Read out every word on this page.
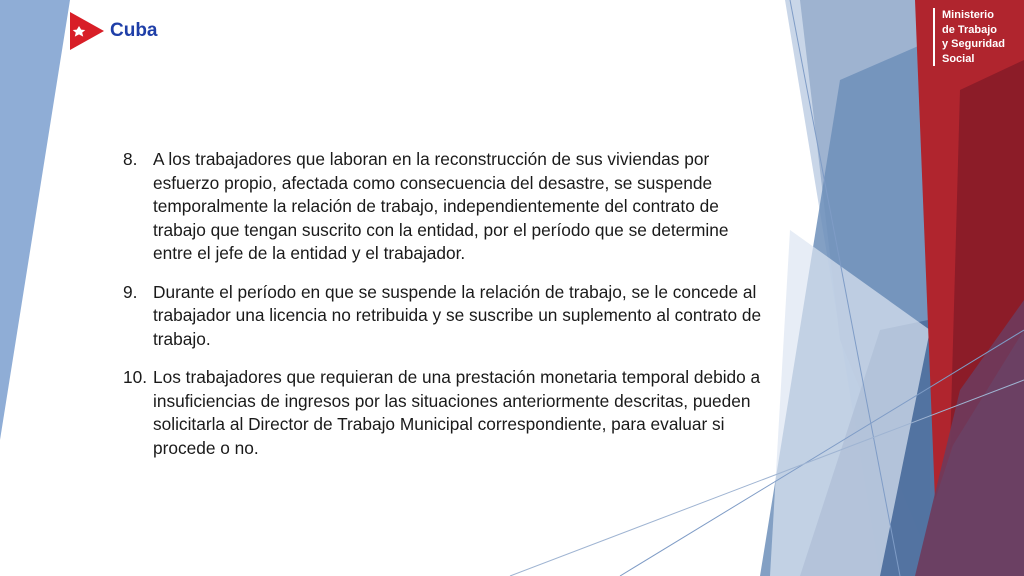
Cuba
Ministerio
de Trabajo
y Seguridad
Social
8. A los trabajadores que laboran en la reconstrucción de sus viviendas por esfuerzo propio, afectada como consecuencia del desastre, se suspende temporalmente la relación de trabajo, independientemente del contrato de trabajo que tengan suscrito con la entidad, por el período que se determine entre el jefe de la entidad y el trabajador.
9. Durante el período en que se suspende la relación de trabajo, se le concede al trabajador una licencia no retribuida y se suscribe un suplemento al contrato de trabajo.
10. Los trabajadores que requieran de una prestación monetaria temporal debido a insuficiencias de ingresos por las situaciones anteriormente descritas, pueden solicitarla al Director de Trabajo Municipal correspondiente, para evaluar si procede o no.
